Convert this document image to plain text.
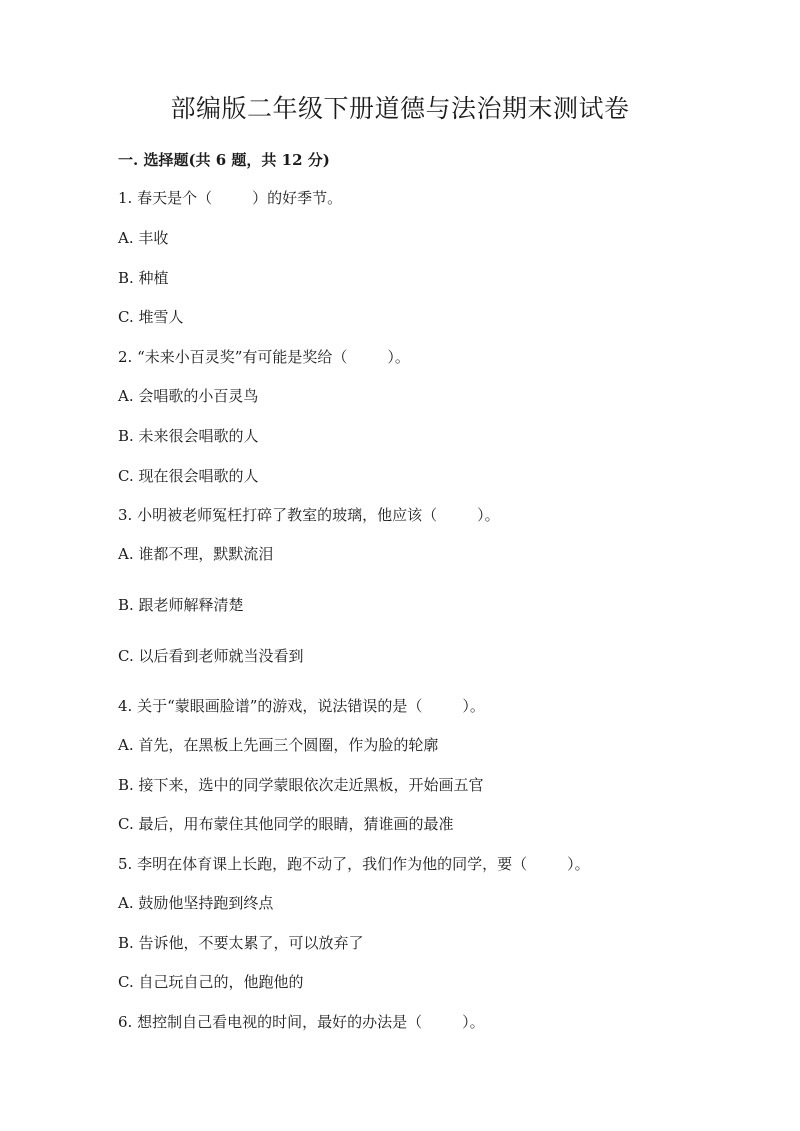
部编版二年级下册道德与法治期末测试卷

一. 选择题(共 6 题，共 12 分)

1. 春天是个（	）的好季节。

A. 丰收

B. 种植

C. 堆雪人

2. “未来小百灵奖”有可能是奖给（	）。

A. 会唱歌的小百灵鸟

B. 未来很会唱歌的人

C. 现在很会唱歌的人

3. 小明被老师冤枉打碎了教室的玻璃，他应该（	）。

A. 谁都不理，默默流泪

B. 跟老师解释清楚

C. 以后看到老师就当没看到

4. 关于“蒙眼画脸谱”的游戏，说法错误的是（	）。

A. 首先，在黑板上先画三个圆圈，作为脸的轮廓

B. 接下来，选中的同学蒙眼依次走近黑板，开始画五官

C. 最后，用布蒙住其他同学的眼睛，猜谁画的最准

5. 李明在体育课上长跑，跑不动了，我们作为他的同学，要（	）。

A. 鼓励他坚持跑到终点

B. 告诉他，不要太累了，可以放弃了

C. 自己玩自己的，他跑他的

6. 想控制自己看电视的时间，最好的办法是（	）。
